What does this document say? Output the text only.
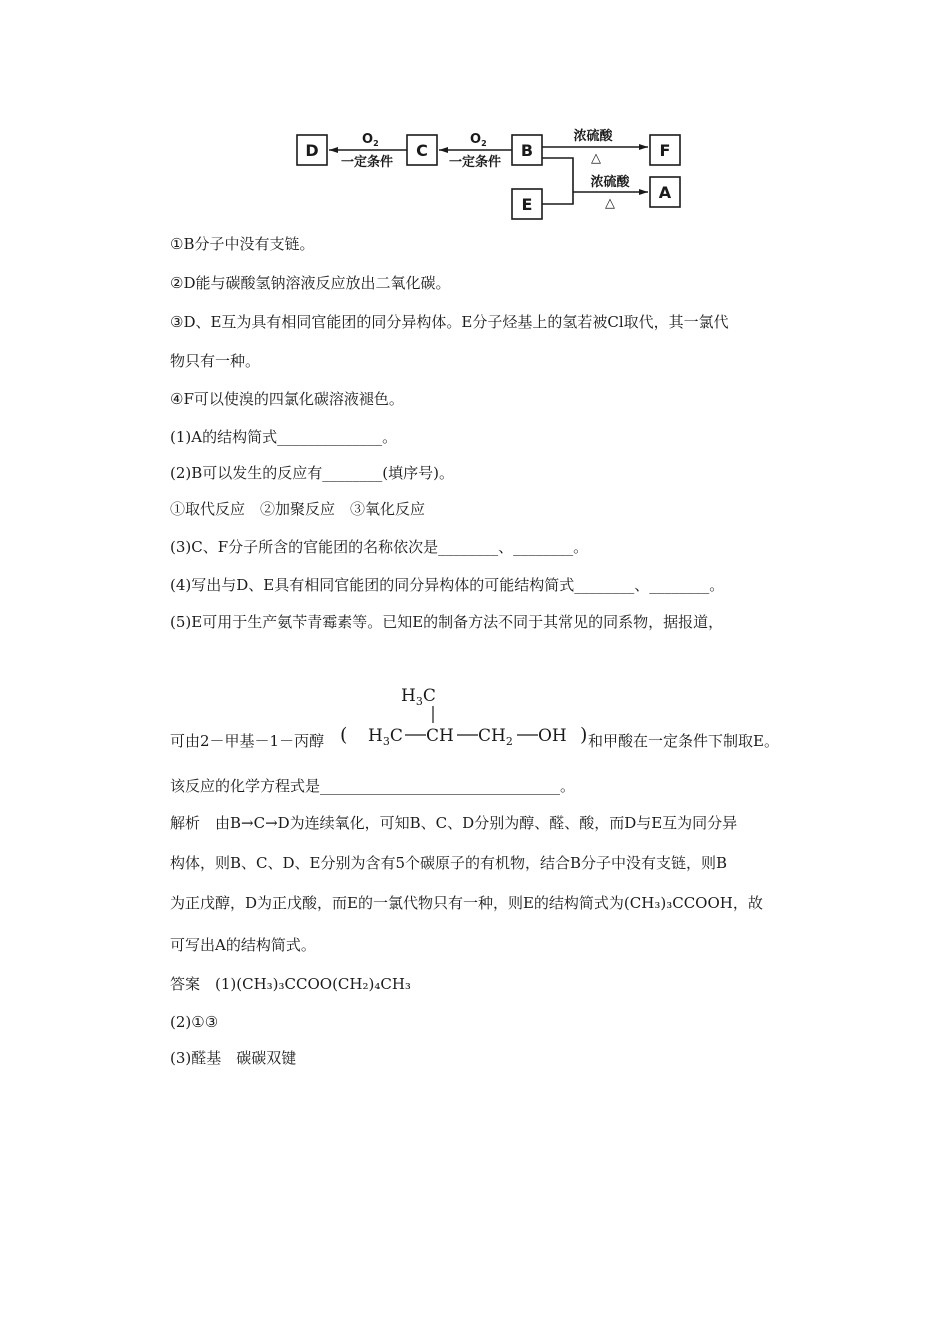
D	C	B	F
E
A
$O_2$
一定条件
$O_2$
一定条件
浓硫酸
△
浓硫酸
△
①B分子中没有支链。
②D能与碳酸氢钠溶液反应放出二氧化碳。
③D、E互为具有相同官能团的同分异构体。E分子烃基上的氢若被Cl取代，其一氯代
物只有一种。
④F可以使溴的四氯化碳溶液褪色。
(1)A的结构简式______________。
(2)B可以发生的反应有________(填序号)。
①取代反应　②加聚反应　③氧化反应
(3)C、F分子所含的官能团的名称依次是________、________。
(4)写出与D、E具有相同官能团的同分异构体的可能结构简式________、________。
(5)E可用于生产氨苄青霉素等。已知E的制备方法不同于其常见的同系物，据报道，
可由2－甲基－1－丙醇
$H_3C$
( $H_3C$ CH $CH_2$ OH ) 和甲酸在一定条件下制取E。
该反应的化学方程式是________________________________。
解析　由B→C→D为连续氧化，可知B、C、D分别为醇、醛、酸，而D与E互为同分异
构体，则B、C、D、E分别为含有5个碳原子的有机物，结合B分子中没有支链，则B
为正戊醇，D为正戊酸，而E的一氯代物只有一种，则E的结构简式为(CH₃)₃CCOOH，故
可写出A的结构简式。
答案　(1)(CH₃)₃CCOO(CH₂)₄CH₃
(2)①③
(3)醛基　碳碳双键
